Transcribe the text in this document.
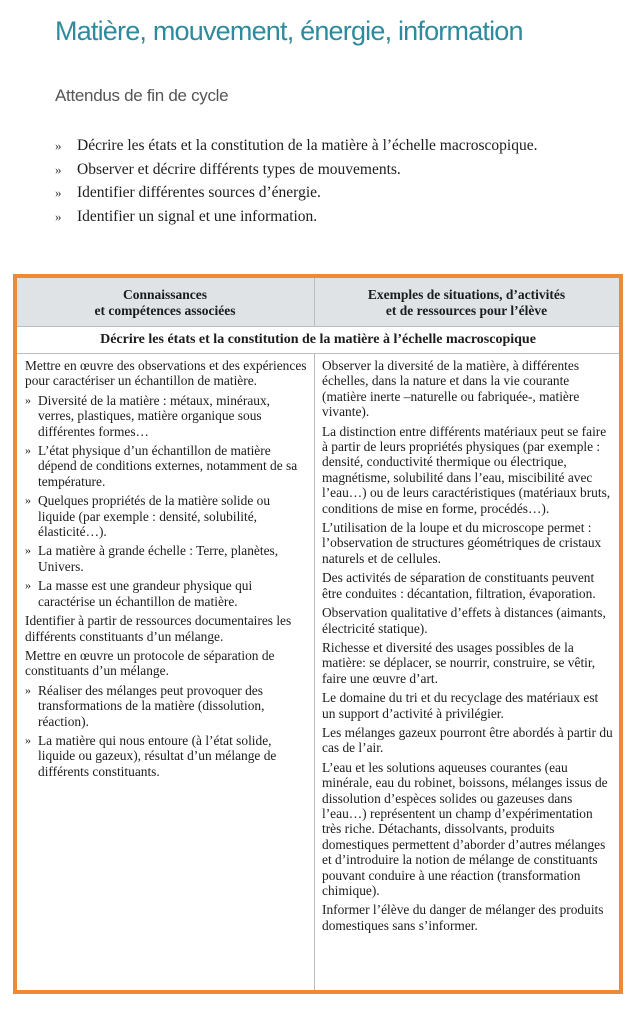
Matière, mouvement, énergie, information
Attendus de fin de cycle
» Décrire les états et la constitution de la matière à l’échelle macroscopique.
» Observer et décrire différents types de mouvements.
» Identifier différentes sources d’énergie.
» Identifier un signal et une information.
Connaissances
et compétences associées
Exemples de situations, d’activités
et de ressources pour l’élève
Décrire les états et la constitution de la matière à l’échelle macroscopique

Mettre en œuvre des observations et des expériences pour caractériser un échantillon de matière.

» Diversité de la matière : métaux, minéraux, verres, plastiques, matière organique sous différentes formes…
» L’état physique d’un échantillon de matière dépend de conditions externes, notamment de sa température.
» Quelques propriétés de la matière solide ou liquide (par exemple : densité, solubilité, élasticité…).
» La matière à grande échelle : Terre, planètes, Univers.
» La masse est une grandeur physique qui caractérise un échantillon de matière.

Identifier à partir de ressources documentaires les différents constituants d’un mélange.

Mettre en œuvre un protocole de séparation de constituants d’un mélange.

» Réaliser des mélanges peut provoquer des transformations de la matière (dissolution, réaction).
» La matière qui nous entoure (à l’état solide, liquide ou gazeux), résultat d’un mélange de différents constituants.

Observer la diversité de la matière, à différentes échelles, dans la nature et dans la vie courante (matière inerte –naturelle ou fabriquée-, matière vivante).

La distinction entre différents matériaux peut se faire à partir de leurs propriétés physiques (par exemple : densité, conductivité thermique ou électrique, magnétisme, solubilité dans l’eau, miscibilité avec l’eau…) ou de leurs caractéristiques (matériaux bruts, conditions de mise en forme, procédés…).

L’utilisation de la loupe et du microscope permet : l’observation de structures géométriques de cristaux naturels et de cellules.

Des activités de séparation de constituants peuvent être conduites : décantation, filtration, évaporation.

Observation qualitative d’effets à distances (aimants, électricité statique).

Richesse et diversité des usages possibles de la matière: se déplacer, se nourrir, construire, se vêtir, faire une œuvre d’art.

Le domaine du tri et du recyclage des matériaux est un support d’activité à privilégier.

Les mélanges gazeux pourront être abordés à partir du cas de l’air.

L’eau et les solutions aqueuses courantes (eau minérale, eau du robinet, boissons, mélanges issus de dissolution d’espèces solides ou gazeuses dans l’eau…) représentent un champ d’expérimentation très riche. Détachants, dissolvants, produits domestiques permettent d’aborder d’autres mélanges et d’introduire la notion de mélange de constituants pouvant conduire à une réaction (transformation chimique).

Informer l’élève du danger de mélanger des produits domestiques sans s’informer.
